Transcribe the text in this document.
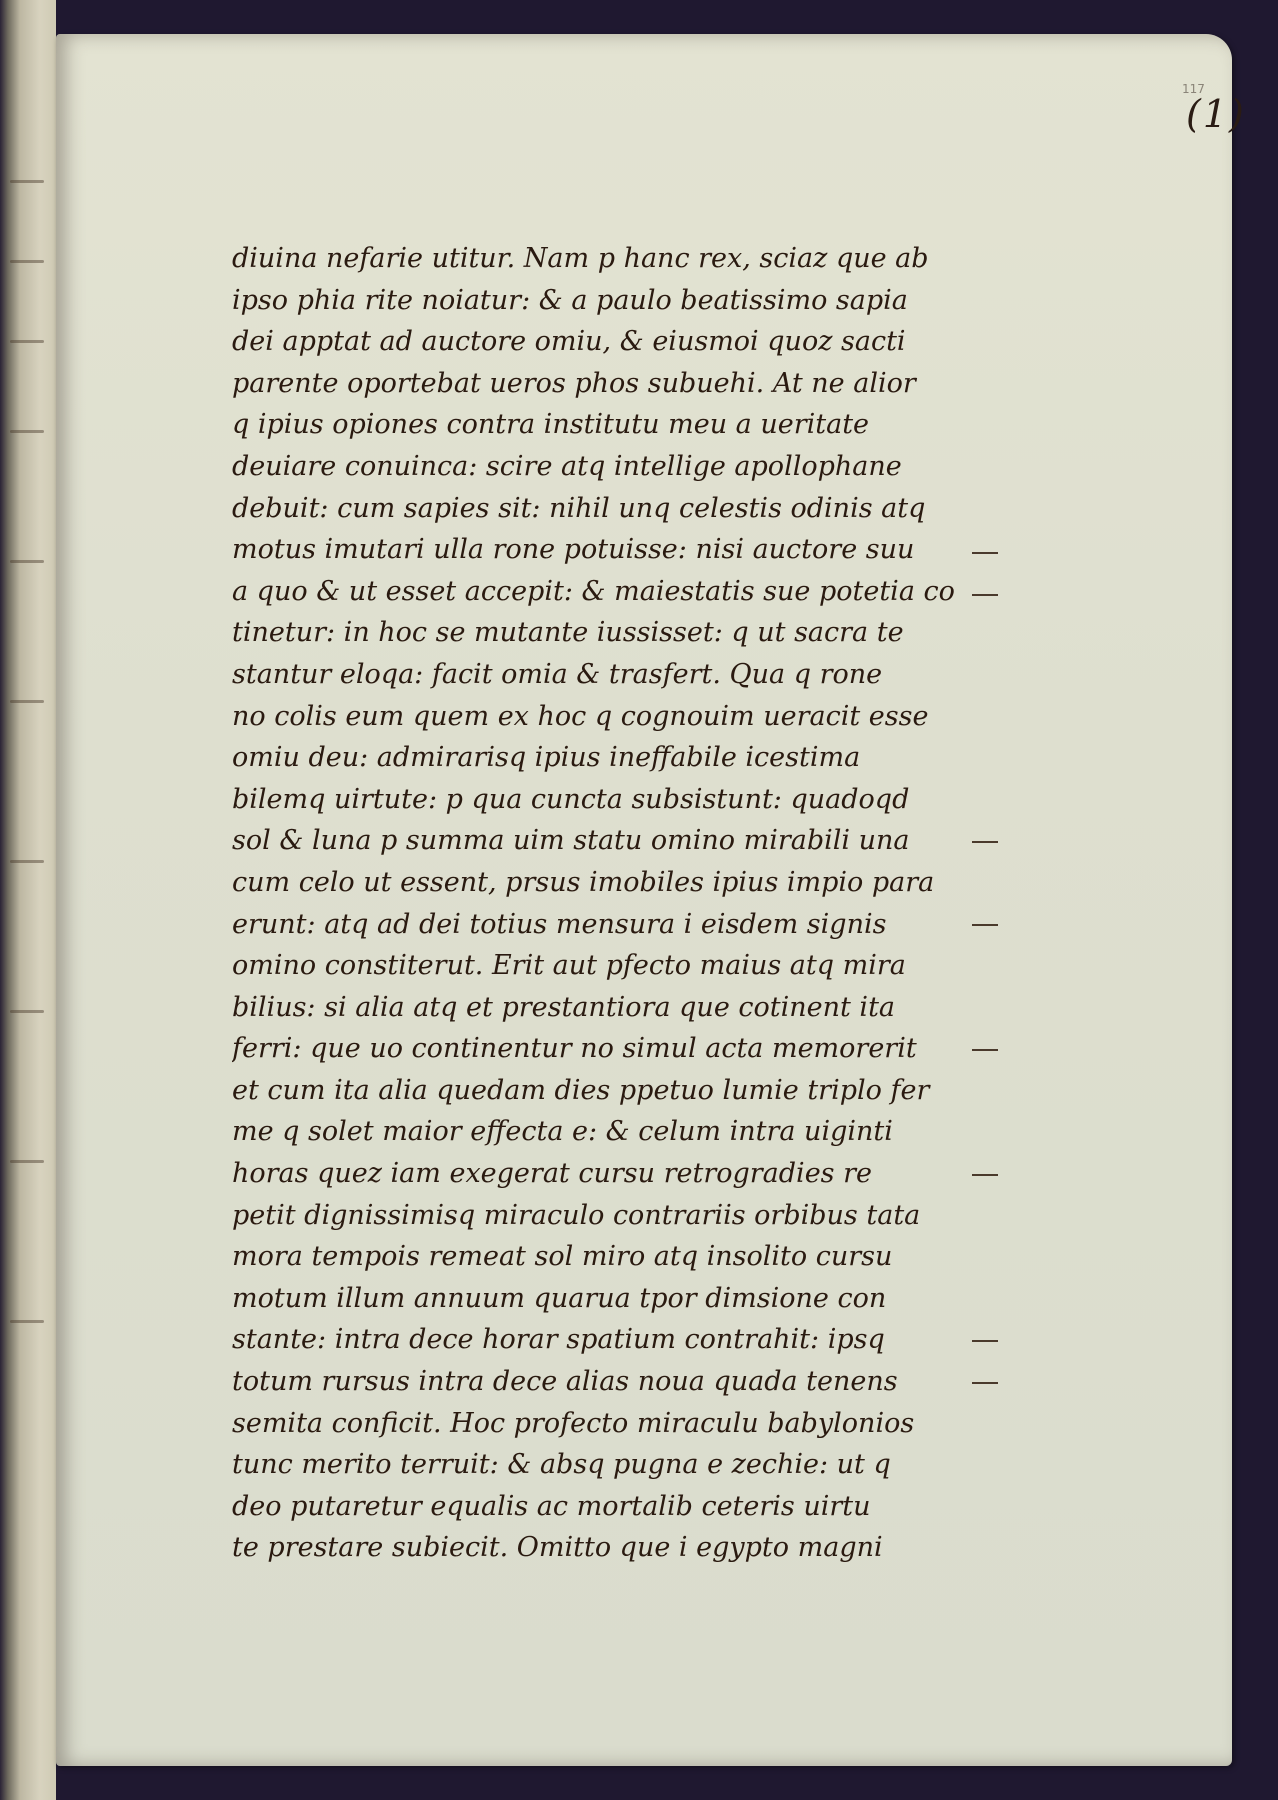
117
(1)
diuina nefarie utitur. Nam p hanc rex, sciaz que ab
ipso phia rite noiatur: & a paulo beatissimo sapia
dei apptat ad auctore omiu, & eiusmoi quoz sacti
parente oportebat ueros phos subuehi. At ne alior
q ipius opiones contra institutu meu a ueritate
deuiare conuinca: scire atq intellige apollophane
debuit: cum sapies sit: nihil unq celestis odinis atq
motus imutari ulla rone potuisse: nisi auctore suu
a quo & ut esset accepit: & maiestatis sue potetia co
tinetur: in hoc se mutante iussisset: q ut sacra te
stantur eloqa: facit omia & trasfert. Qua q rone
no colis eum quem ex hoc q cognouim ueracit esse
omiu deu: admirarisq ipius ineffabile icestima
bilemq uirtute: p qua cuncta subsistunt: quadoqd
sol & luna p summa uim statu omino mirabili una
cum celo ut essent, prsus imobiles ipius impio para
erunt: atq ad dei totius mensura i eisdem signis
omino constiterut. Erit aut pfecto maius atq mira
bilius: si alia atq et prestantiora que cotinent ita
ferri: que uo continentur no simul acta memorerit
et cum ita alia quedam dies ppetuo lumie triplo fer
me q solet maior effecta e: & celum intra uiginti
horas quez iam exegerat cursu retrogradies re
petit dignissimisq miraculo contrariis orbibus tata
mora tempois remeat sol miro atq insolito cursu
motum illum annuum quarua tpor dimsione con
stante: intra dece horar spatium contrahit: ipsq
totum rursus intra dece alias noua quada tenens
semita conficit. Hoc profecto miraculu babylonios
tunc merito terruit: & absq pugna e zechie: ut q
deo putaretur equalis ac mortalib ceteris uirtu
te prestare subiecit. Omitto que i egypto magni
